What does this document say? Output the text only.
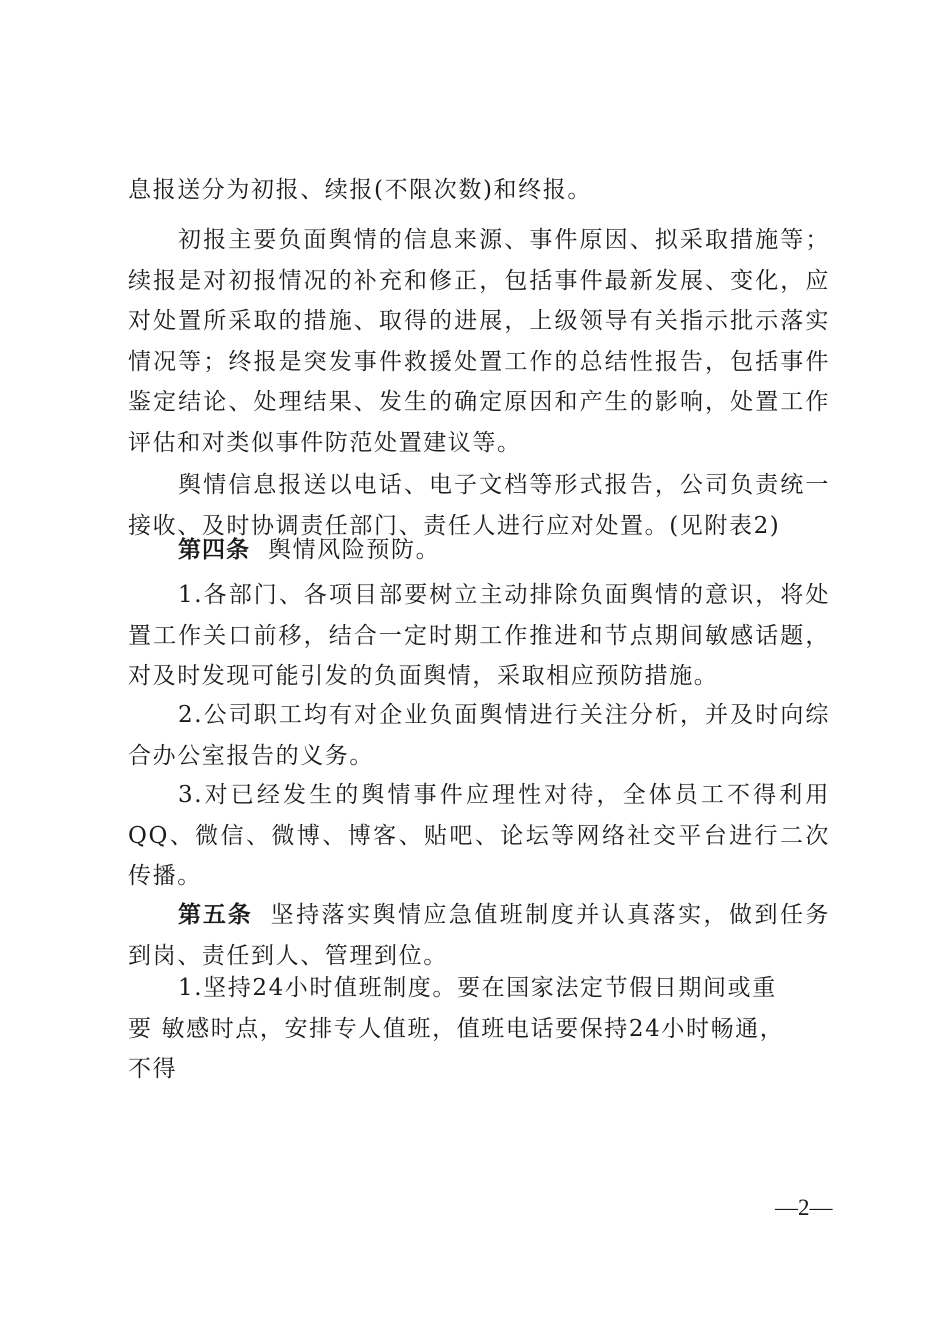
息报送分为初报、续报(不限次数)和终报。

初报主要负面舆情的信息来源、事件原因、拟采取措施等；续报是对初报情况的补充和修正，包括事件最新发展、变化，应对处置所采取的措施、取得的进展，上级领导有关指示批示落实情况等；终报是突发事件救援处置工作的总结性报告，包括事件鉴定结论、处理结果、发生的确定原因和产生的影响，处置工作评估和对类似事件防范处置建议等。

舆情信息报送以电话、电子文档等形式报告，公司负责统一接收、及时协调责任部门、责任人进行应对处置。(见附表2)

第四条 舆情风险预防。

1.各部门、各项目部要树立主动排除负面舆情的意识，将处置工作关口前移，结合一定时期工作推进和节点期间敏感话题，对及时发现可能引发的负面舆情，采取相应预防措施。

2.公司职工均有对企业负面舆情进行关注分析，并及时向综合办公室报告的义务。

3.对已经发生的舆情事件应理性对待，全体员工不得利用QQ、微信、微博、博客、贴吧、论坛等网络社交平台进行二次传播。

第五条 坚持落实舆情应急值班制度并认真落实，做到任务到岗、责任到人、管理到位。

1.坚持24小时值班制度。要在国家法定节假日期间或重
要 敏感时点，安排专人值班，值班电话要保持24小时畅通，
不得

—2—
